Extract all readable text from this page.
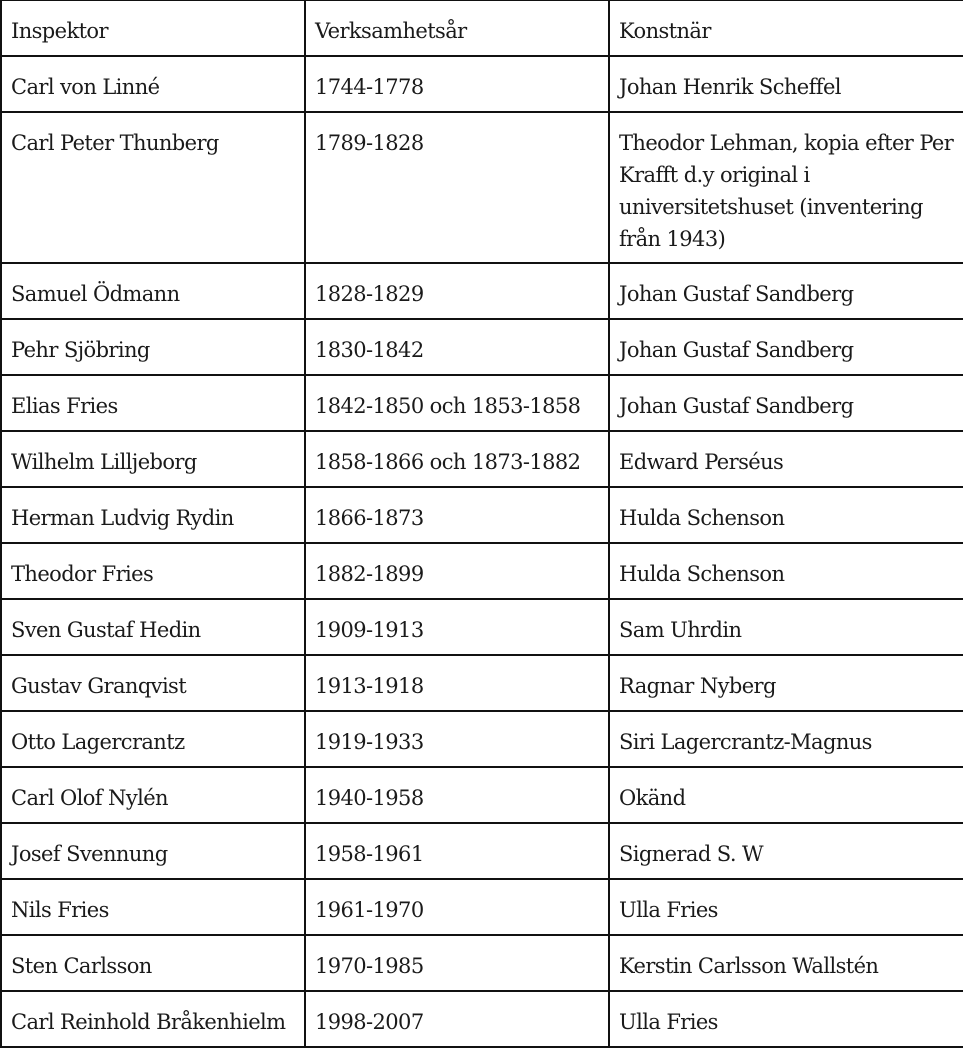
Inspektor	Verksamhetsår	Konstnär
Carl von Linné	1744-1778	Johan Henrik Scheffel
Carl Peter Thunberg	1789-1828	Theodor Lehman, kopia efter Per Krafft d.y original i universitetshuset (inventering från 1943)
Samuel Ödmann	1828-1829	Johan Gustaf Sandberg
Pehr Sjöbring	1830-1842	Johan Gustaf Sandberg
Elias Fries	1842-1850 och 1853-1858	Johan Gustaf Sandberg
Wilhelm Lilljeborg	1858-1866 och 1873-1882	Edward Perséus
Herman Ludvig Rydin	1866-1873	Hulda Schenson
Theodor Fries	1882-1899	Hulda Schenson
Sven Gustaf Hedin	1909-1913	Sam Uhrdin
Gustav Granqvist	1913-1918	Ragnar Nyberg
Otto Lagercrantz	1919-1933	Siri Lagercrantz-Magnus
Carl Olof Nylén	1940-1958	Okänd
Josef Svennung	1958-1961	Signerad S. W
Nils Fries	1961-1970	Ulla Fries
Sten Carlsson	1970-1985	Kerstin Carlsson Wallstén
Carl Reinhold Bråkenhielm	1998-2007	Ulla Fries
